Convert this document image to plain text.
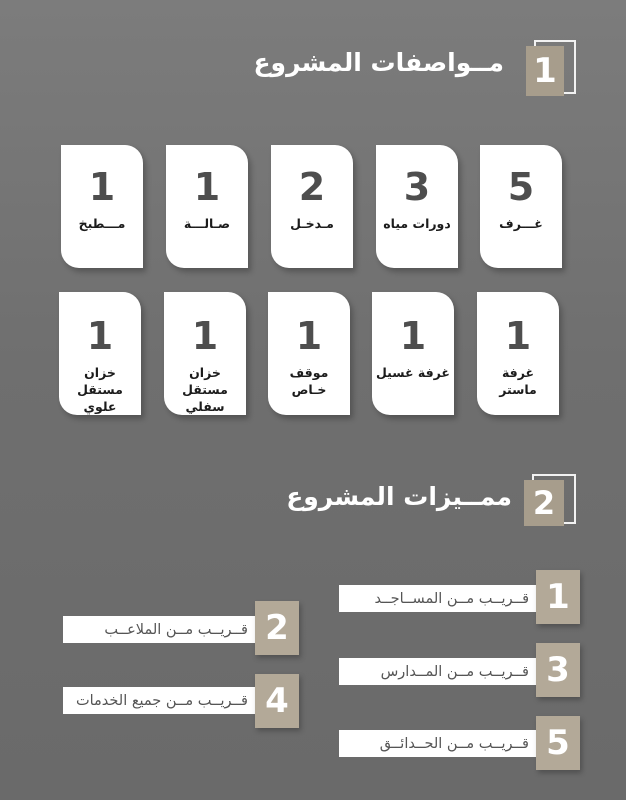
1
مــواصفات المشروع
5
غـــرف
3
دورات مياه
2
مـدخـل
1
صـالـــة
1
مـــطبخ
1
غرفة ماستر
1
غرفة غسيل
1
موقف خـاص
1
خزان مستقل سفلي
1
خزان مستقل علوي
2
ممــيزات المشروع
قــريــب مــن المســاجــد 1
قــريــب مــن الملاعــب 2
قــريــب مــن المــدارس 3
قــريــب مــن جميع الخدمات 4
قــريــب مــن الحــدائــق 5
